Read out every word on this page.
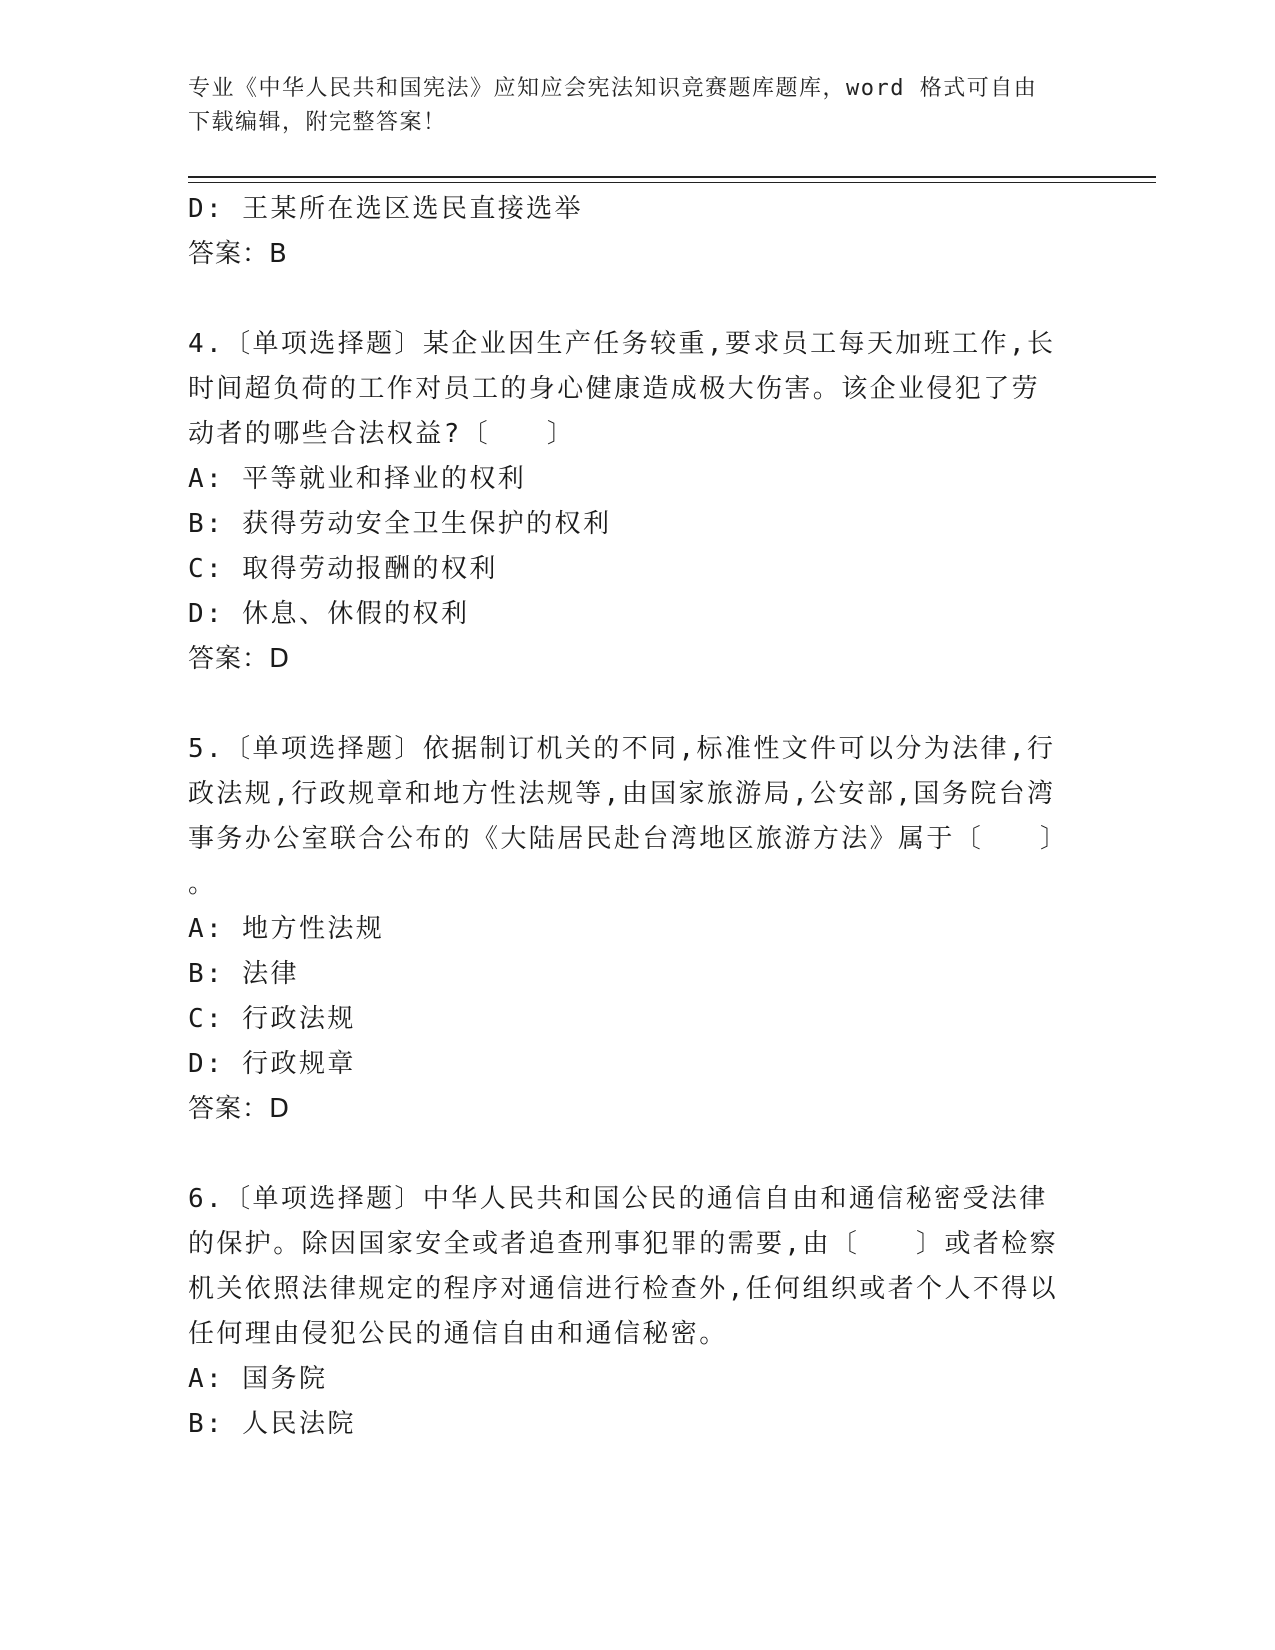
专业《中华人民共和国宪法》应知应会宪法知识竞赛题库题库，word 格式可自由
下载编辑，附完整答案！
D: 王某所在选区选民直接选举
答案：B
4.〔单项选择题〕某企业因生产任务较重,要求员工每天加班工作,长
时间超负荷的工作对员工的身心健康造成极大伤害。该企业侵犯了劳
动者的哪些合法权益?〔　　〕
A: 平等就业和择业的权利
B: 获得劳动安全卫生保护的权利
C: 取得劳动报酬的权利
D: 休息、休假的权利
答案：D
5.〔单项选择题〕依据制订机关的不同,标准性文件可以分为法律,行
政法规,行政规章和地方性法规等,由国家旅游局,公安部,国务院台湾
事务办公室联合公布的《大陆居民赴台湾地区旅游方法》属于〔　　〕
。
A: 地方性法规
B: 法律
C: 行政法规
D: 行政规章
答案：D
6.〔单项选择题〕中华人民共和国公民的通信自由和通信秘密受法律
的保护。除因国家安全或者追查刑事犯罪的需要,由〔　　〕或者检察
机关依照法律规定的程序对通信进行检查外,任何组织或者个人不得以
任何理由侵犯公民的通信自由和通信秘密。
A: 国务院
B: 人民法院
